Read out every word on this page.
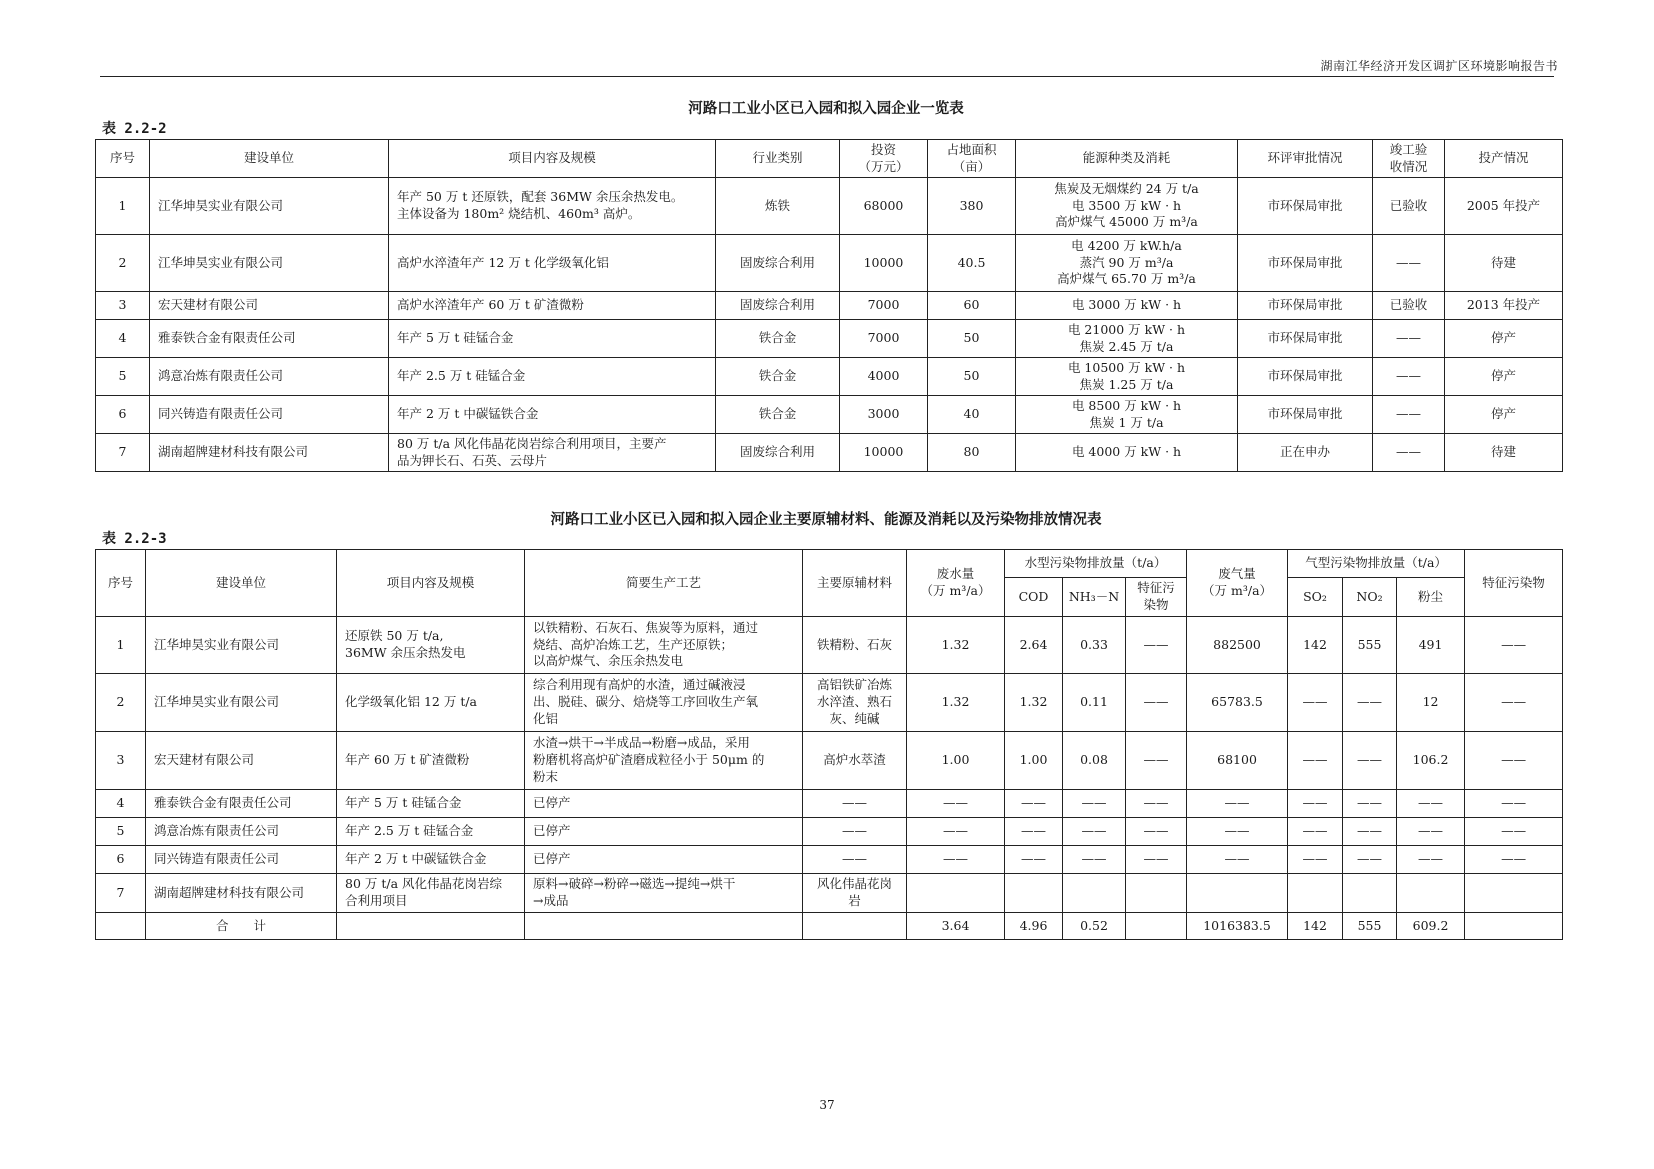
湖南江华经济开发区调扩区环境影响报告书
河路口工业小区已入园和拟入园企业一览表
表 2.2-2
序号	建设单位	项目内容及规模	行业类别	投资
（万元）	占地面积
（亩）	能源种类及消耗	环评审批情况	竣工验
收情况	投产情况
1	江华坤昊实业有限公司	年产 50 万 t 还原铁，配套 36MW 余压余热发电。
主体设备为 180m² 烧结机、460m³ 高炉。	炼铁	68000	380	焦炭及无烟煤约 24 万 t/a
电 3500 万 kW · h
高炉煤气 45000 万 m³/a	市环保局审批	已验收	2005 年投产
2	江华坤昊实业有限公司	高炉水淬渣年产 12 万 t 化学级氧化铝	固废综合利用	10000	40.5	电 4200 万 kW.h/a
蒸汽 90 万 m³/a
高炉煤气 65.70 万 m³/a	市环保局审批	——	待建
3	宏天建材有限公司	高炉水淬渣年产 60 万 t 矿渣微粉	固废综合利用	7000	60	电 3000 万 kW · h	市环保局审批	已验收	2013 年投产
4	雅泰铁合金有限责任公司	年产 5 万 t 硅锰合金	铁合金	7000	50	电 21000 万 kW · h
焦炭 2.45 万 t/a	市环保局审批	——	停产
5	鸿意冶炼有限责任公司	年产 2.5 万 t 硅锰合金	铁合金	4000	50	电 10500 万 kW · h
焦炭 1.25 万 t/a	市环保局审批	——	停产
6	同兴铸造有限责任公司	年产 2 万 t 中碳锰铁合金	铁合金	3000	40	电 8500 万 kW · h
焦炭 1 万 t/a	市环保局审批	——	停产
7	湖南超牌建材科技有限公司	80 万 t/a 风化伟晶花岗岩综合利用项目，主要产
品为钾长石、石英、云母片	固废综合利用	10000	80	电 4000 万 kW · h	正在申办	——	待建
河路口工业小区已入园和拟入园企业主要原辅材料、能源及消耗以及污染物排放情况表
表 2.2-3
序号	建设单位	项目内容及规模	简要生产工艺	主要原辅材料	废水量
（万 m³/a）	水型污染物排放量（t/a）			废气量
（万 m³/a）	气型污染物排放量（t/a）			特征污染物
						COD	NH₃－N	特征污
染物		SO₂	NO₂	粉尘	
1	江华坤昊实业有限公司	还原铁 50 万 t/a,
36MW 余压余热发电	以铁精粉、石灰石、焦炭等为原料，通过
烧结、高炉冶炼工艺，生产还原铁；
以高炉煤气、余压余热发电	铁精粉、石灰	1.32	2.64	0.33	——	882500	142	555	491	——
2	江华坤昊实业有限公司	化学级氧化铝 12 万 t/a	综合利用现有高炉的水渣，通过碱液浸
出、脱硅、碳分、焙烧等工序回收生产氧
化铝	高铝铁矿冶炼
水淬渣、熟石
灰、纯碱	1.32	1.32	0.11	——	65783.5	——	——	12	——
3	宏天建材有限公司	年产 60 万 t 矿渣微粉	水渣→烘干→半成品→粉磨→成品，采用
粉磨机将高炉矿渣磨成粒径小于 50μm 的
粉末	高炉水萃渣	1.00	1.00	0.08	——	68100	——	——	106.2	——
4	雅泰铁合金有限责任公司	年产 5 万 t 硅锰合金	已停产	——	——	——	——	——	——	——	——	——	——
5	鸿意冶炼有限责任公司	年产 2.5 万 t 硅锰合金	已停产	——	——	——	——	——	——	——	——	——	——
6	同兴铸造有限责任公司	年产 2 万 t 中碳锰铁合金	已停产	——	——	——	——	——	——	——	——	——	——
7	湖南超牌建材科技有限公司	80 万 t/a 风化伟晶花岗岩综
合利用项目	原料→破碎→粉碎→磁选→提纯→烘干
→成品	风化伟晶花岗
岩									

	合　　计				3.64	4.96	0.52		1016383.5	142	555	609.2	
37
